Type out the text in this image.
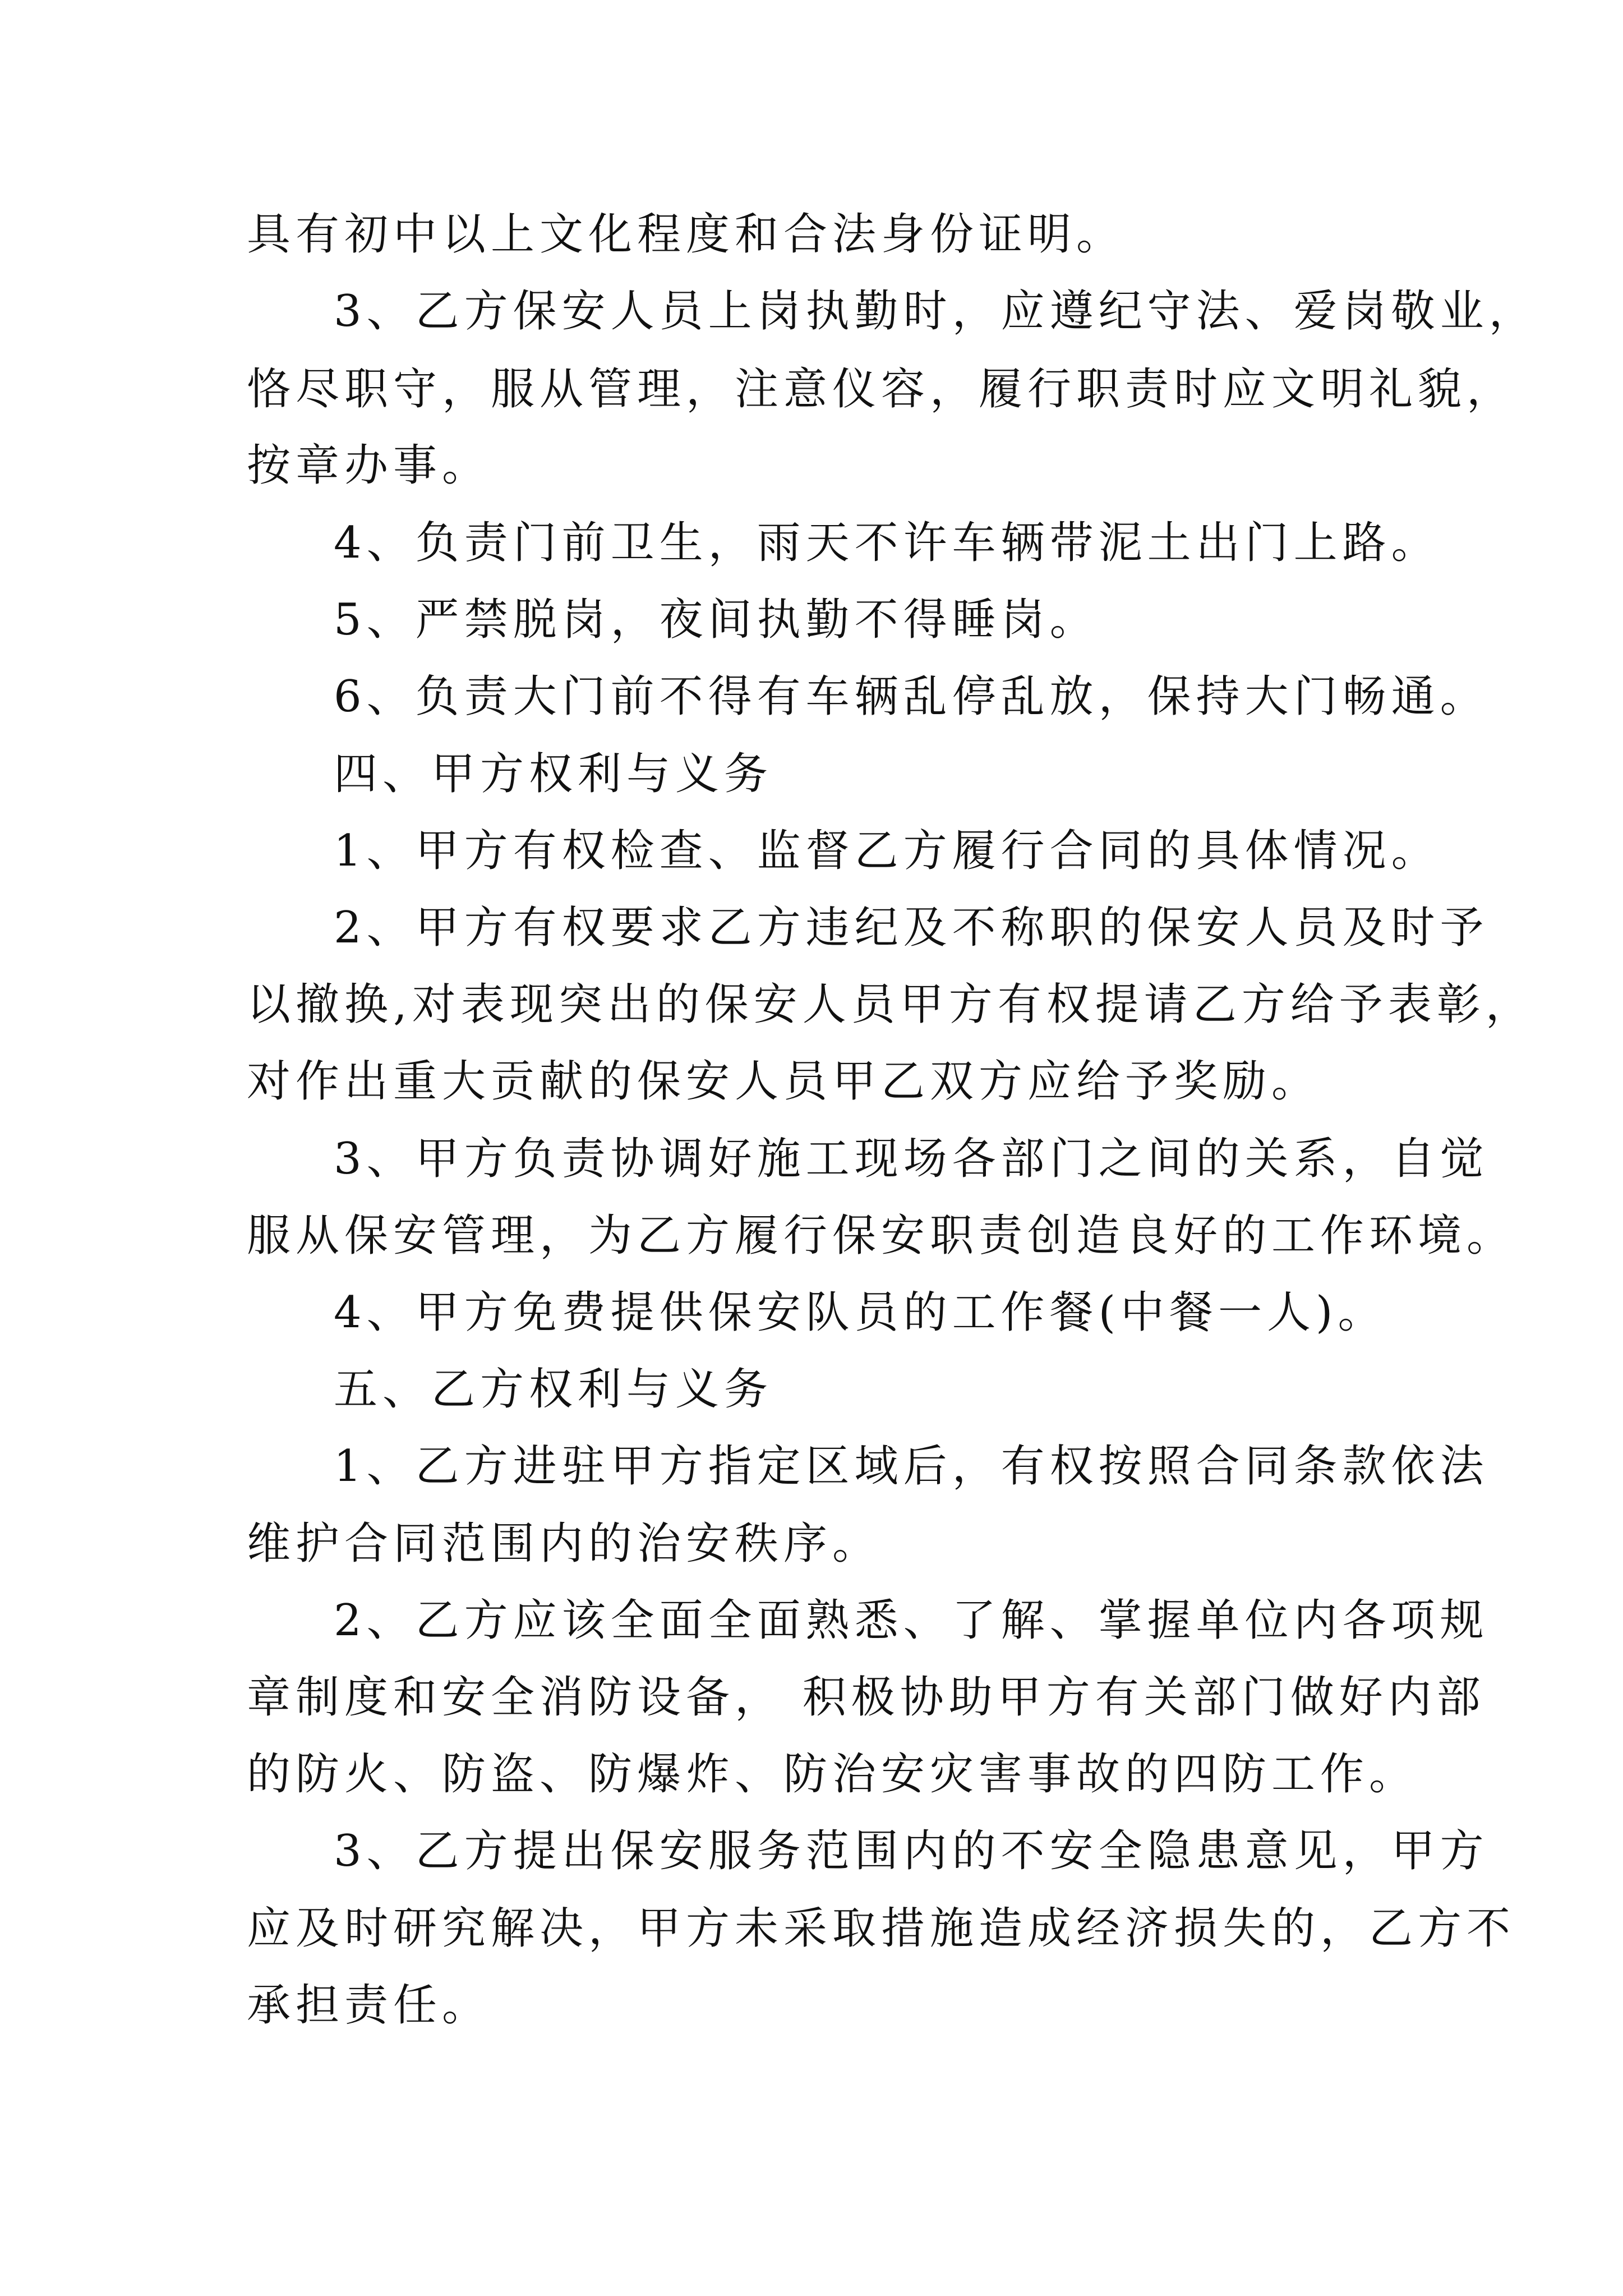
具有初中以上文化程度和合法身份证明。
3、乙方保安人员上岗执勤时，应遵纪守法、爱岗敬业，
恪尽职守，服从管理，注意仪容，履行职责时应文明礼貌，
按章办事。
4、负责门前卫生，雨天不许车辆带泥土出门上路。
5、严禁脱岗，夜间执勤不得睡岗。
6、负责大门前不得有车辆乱停乱放，保持大门畅通。
四、甲方权利与义务
1、甲方有权检查、监督乙方履行合同的具体情况。
2、甲方有权要求乙方违纪及不称职的保安人员及时予
以撤换,对表现突出的保安人员甲方有权提请乙方给予表彰，
对作出重大贡献的保安人员甲乙双方应给予奖励。
3、甲方负责协调好施工现场各部门之间的关系，自觉
服从保安管理，为乙方履行保安职责创造良好的工作环境。
4、甲方免费提供保安队员的工作餐(中餐一人)。
五、乙方权利与义务
1、乙方进驻甲方指定区域后，有权按照合同条款依法
维护合同范围内的治安秩序。
2、乙方应该全面全面熟悉、了解、掌握单位内各项规
章制度和安全消防设备， 积极协助甲方有关部门做好内部
的防火、防盗、防爆炸、防治安灾害事故的四防工作。
3、乙方提出保安服务范围内的不安全隐患意见，甲方
应及时研究解决，甲方未采取措施造成经济损失的，乙方不
承担责任。
